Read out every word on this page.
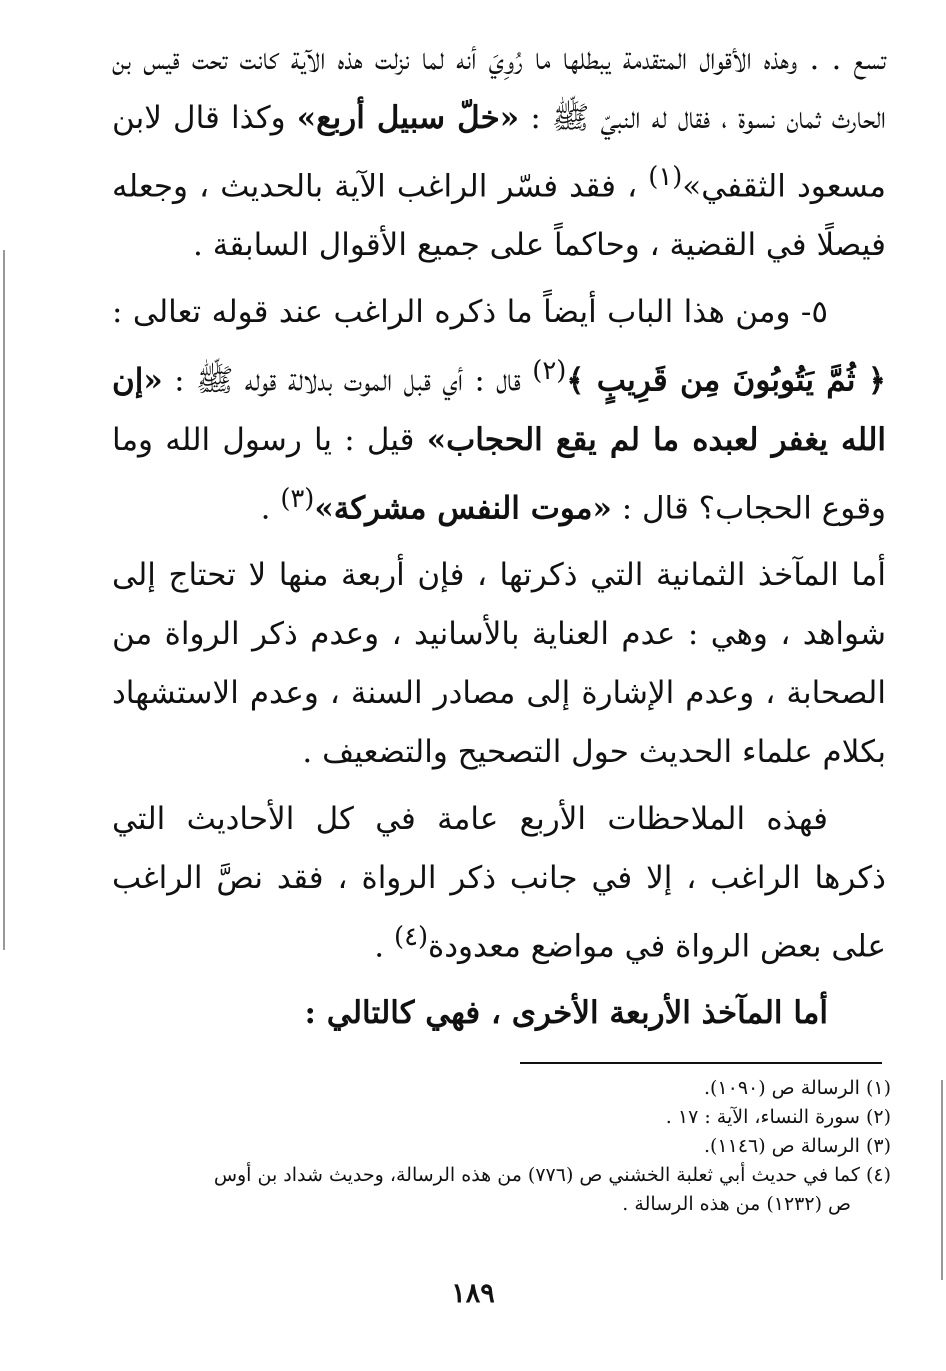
تسع . . وهذه الأقوال المتقدمة يبطلها ما رُوِيَ أنه لما نزلت هذه الآية كانت تحت قيس بن الحارث ثمان نسوة ، فقال له النبيّ ﷺ : «خلّ سبيل أربع» وكذا قال لابن مسعود الثقفي»$^{(١)}$ ، فقد فسّر الراغب الآية بالحديث ، وجعله فيصلًا في القضية ، وحاكماً على جميع الأقوال السابقة .

٥- ومن هذا الباب أيضاً ما ذكره الراغب عند قوله تعالى : ﴿ ثُمَّ يَتُوبُونَ مِن قَرِيبٍ ﴾$^{(٢)}$ قال : أي قبل الموت بدلالة قوله ﷺ : «إن الله يغفر لعبده ما لم يقع الحجاب» قيل : يا رسول الله وما وقوع الحجاب؟ قال : «موت النفس مشركة»$^{(٣)}$ .

أما المآخذ الثمانية التي ذكرتها ، فإن أربعة منها لا تحتاج إلى شواهد ، وهي : عدم العناية بالأسانيد ، وعدم ذكر الرواة من الصحابة ، وعدم الإشارة إلى مصادر السنة ، وعدم الاستشهاد بكلام علماء الحديث حول التصحيح والتضعيف .

فهذه الملاحظات الأربع عامة في كل الأحاديث التي ذكرها الراغب ، إلا في جانب ذكر الرواة ، فقد نصَّ الراغب على بعض الرواة في مواضع معدودة$^{(٤)}$ .

أما المآخذ الأربعة الأخرى ، فهي كالتالي :

(١)الرسالة ص (١٠٩٠).

(٢)سورة النساء، الآية : ١٧ .

(٣)الرسالة ص (١١٤٦).

(٤)كما في حديث أبي ثعلبة الخشني ص (٧٧٦) من هذه الرسالة، وحديث شداد بن أوس

ص (١٢٣٢) من هذه الرسالة .

١٨٩
